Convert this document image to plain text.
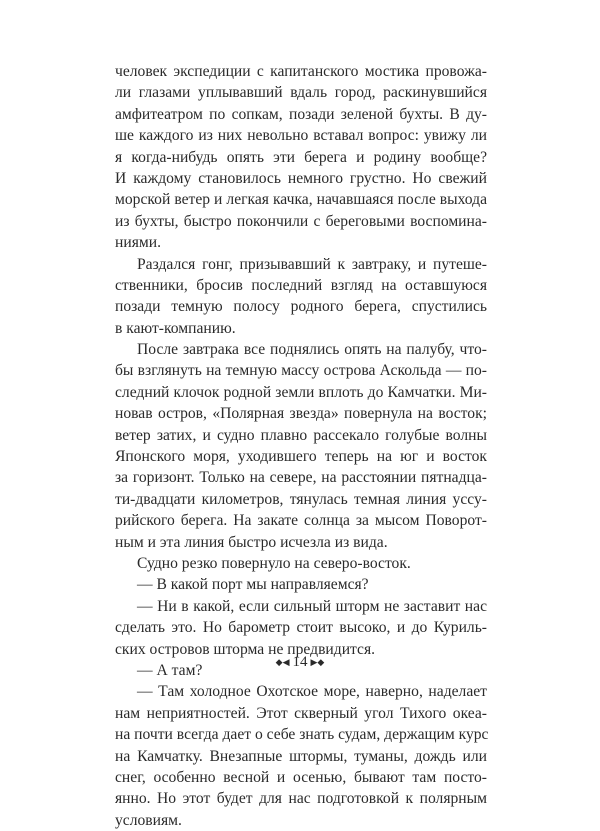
человек экспедиции с капитанского мостика провожа-
ли глазами уплывавший вдаль город, раскинувшийся
амфитеатром по сопкам, позади зеленой бухты. В ду-
ше каждого из них невольно вставал вопрос: увижу ли
я когда-нибудь опять эти берега и родину вообще?
И каждому становилось немного грустно. Но свежий
морской ветер и легкая качка, начавшаяся после выхода
из бухты, быстро покончили с береговыми воспомина-
ниями.
Раздался гонг, призывавший к завтраку, и путеше-
ственники, бросив последний взгляд на оставшуюся
позади темную полосу родного берега, спустились
в кают-компанию.
После завтрака все поднялись опять на палубу, что-
бы взглянуть на темную массу острова Аскольда — по-
следний клочок родной земли вплоть до Камчатки. Ми-
новав остров, «Полярная звезда» повернула на восток;
ветер затих, и судно плавно рассекало голубые волны
Японского моря, уходившего теперь на юг и восток
за горизонт. Только на севере, на расстоянии пятнадца-
ти-двадцати километров, тянулась темная линия уссу-
рийского берега. На закате солнца за мысом Поворот-
ным и эта линия быстро исчезла из вида.
Судно резко повернуло на северо-восток.
— В какой порт мы направляемся?
— Ни в какой, если сильный шторм не заставит нас
сделать это. Но барометр стоит высоко, и до Куриль-
ских островов шторма не предвидится.
— А там?
— Там холодное Охотское море, наверно, наделает
нам неприятностей. Этот скверный угол Тихого океа-
на почти всегда дает о себе знать судам, держащим курс
на Камчатку. Внезапные штормы, туманы, дождь или
снег, особенно весной и осенью, бывают там посто-
янно. Но этот будет для нас подготовкой к полярным
условиям.
◆◀ 14 ▶◆
